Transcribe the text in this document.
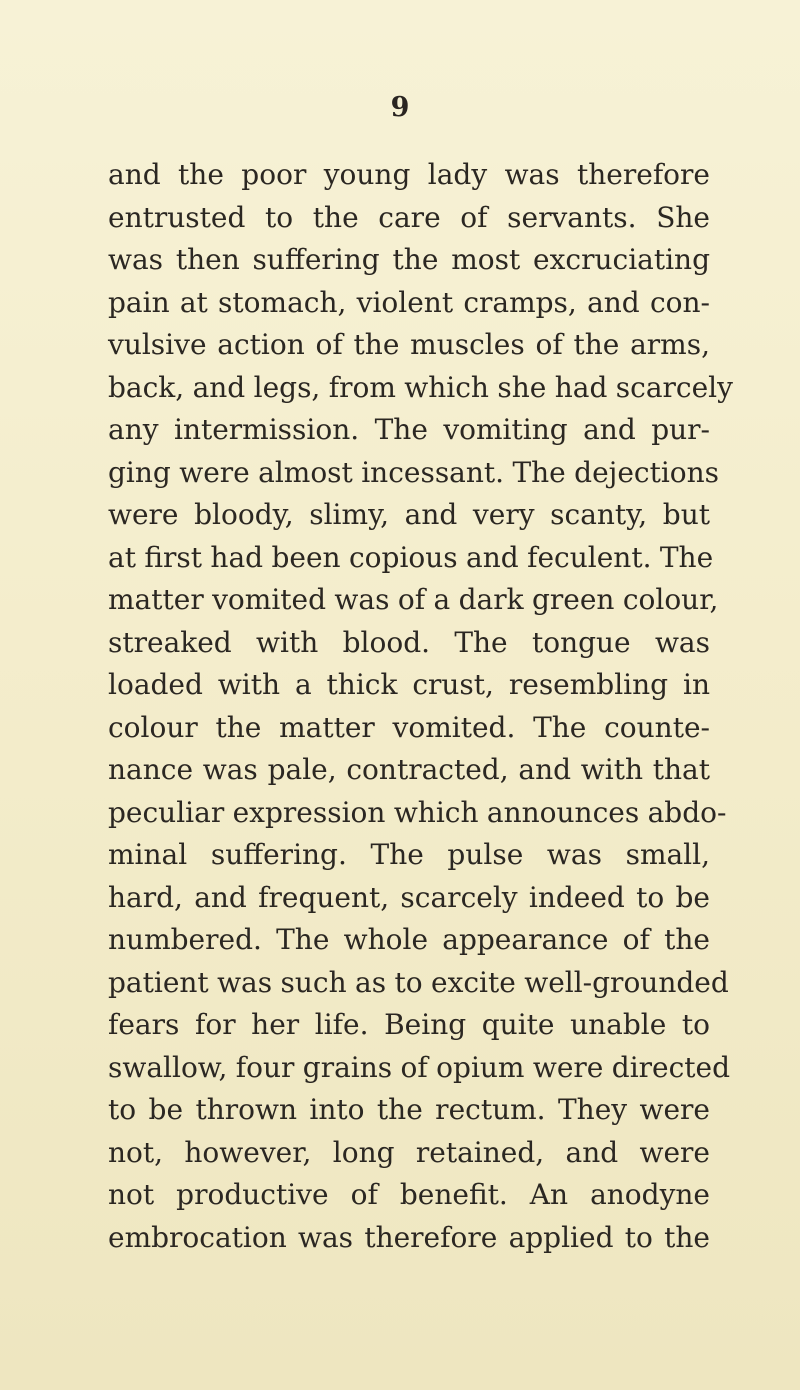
9
and the poor young lady was therefore
entrusted to the care of servants. She
was then suffering the most excruciating
pain at stomach, violent cramps, and con-
vulsive action of the muscles of the arms,
back, and legs, from which she had scarcely
any intermission. The vomiting and pur-
ging were almost incessant. The dejections
were bloody, slimy, and very scanty, but
at first had been copious and feculent. The
matter vomited was of a dark green colour,
streaked with blood. The tongue was
loaded with a thick crust, resembling in
colour the matter vomited. The counte-
nance was pale, contracted, and with that
peculiar expression which announces abdo-
minal suffering. The pulse was small,
hard, and frequent, scarcely indeed to be
numbered. The whole appearance of the
patient was such as to excite well-grounded
fears for her life. Being quite unable to
swallow, four grains of opium were directed
to be thrown into the rectum. They were
not, however, long retained, and were
not productive of benefit. An anodyne
embrocation was therefore applied to the
